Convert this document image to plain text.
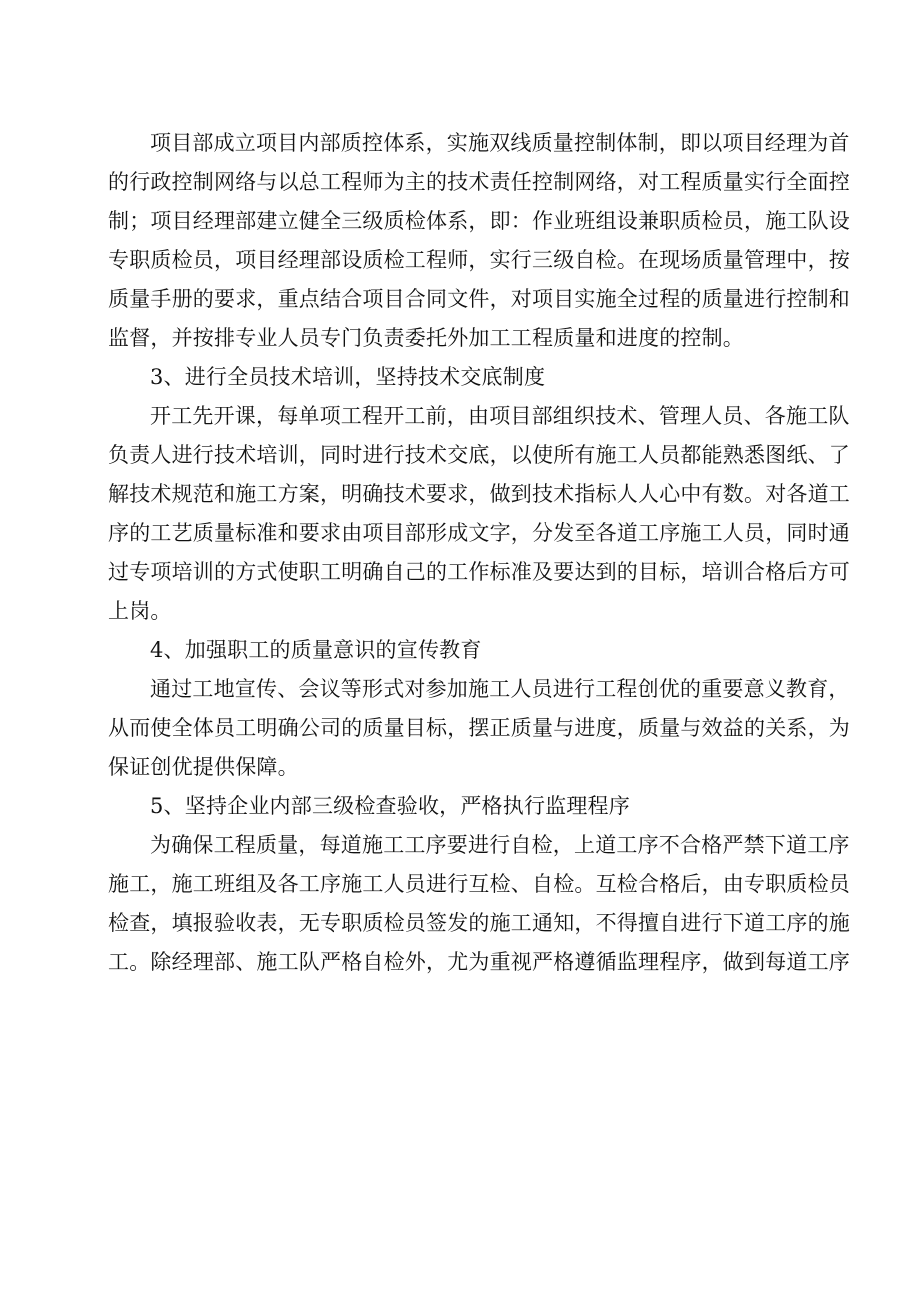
项目部成立项目内部质控体系，实施双线质量控制体制，即以项目经理为首
的行政控制网络与以总工程师为主的技术责任控制网络，对工程质量实行全面控
制；项目经理部建立健全三级质检体系，即：作业班组设兼职质检员，施工队设
专职质检员，项目经理部设质检工程师，实行三级自检。在现场质量管理中，按
质量手册的要求，重点结合项目合同文件，对项目实施全过程的质量进行控制和
监督，并按排专业人员专门负责委托外加工工程质量和进度的控制。
3、进行全员技术培训，坚持技术交底制度
开工先开课，每单项工程开工前，由项目部组织技术、管理人员、各施工队
负责人进行技术培训，同时进行技术交底，以使所有施工人员都能熟悉图纸、了
解技术规范和施工方案，明确技术要求，做到技术指标人人心中有数。对各道工
序的工艺质量标准和要求由项目部形成文字，分发至各道工序施工人员，同时通
过专项培训的方式使职工明确自己的工作标准及要达到的目标，培训合格后方可
上岗。
4、加强职工的质量意识的宣传教育
通过工地宣传、会议等形式对参加施工人员进行工程创优的重要意义教育，
从而使全体员工明确公司的质量目标，摆正质量与进度，质量与效益的关系，为
保证创优提供保障。
5、坚持企业内部三级检查验收，严格执行监理程序
为确保工程质量，每道施工工序要进行自检，上道工序不合格严禁下道工序
施工，施工班组及各工序施工人员进行互检、自检。互检合格后，由专职质检员
检查，填报验收表，无专职质检员签发的施工通知，不得擅自进行下道工序的施
工。除经理部、施工队严格自检外，尤为重视严格遵循监理程序，做到每道工序
